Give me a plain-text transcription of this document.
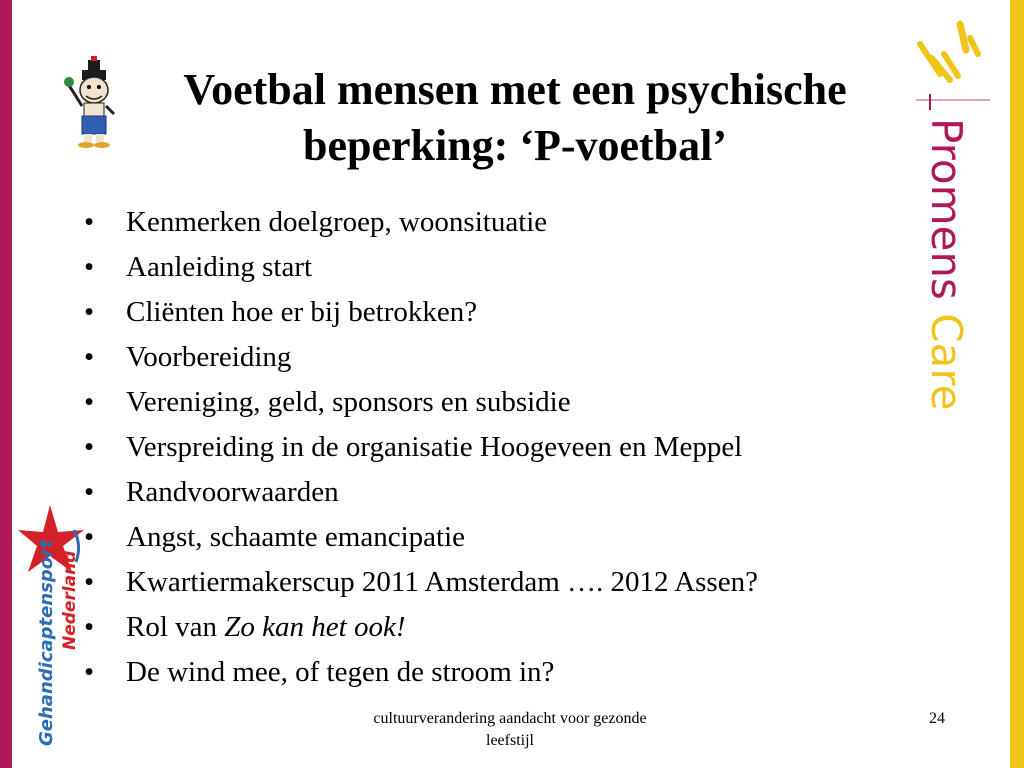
Voetbal mensen met een psychische beperking: ‘P-voetbal’
• Kenmerken doelgroep, woonsituatie
• Aanleiding start
• Cliënten hoe er bij betrokken?
• Voorbereiding
• Vereniging, geld, sponsors en subsidie
• Verspreiding in de organisatie Hoogeveen en Meppel
• Randvoorwaarden
• Angst, schaamte emancipatie
• Kwartiermakerscup 2011 Amsterdam …. 2012 Assen?
• Rol van Zo kan het ook!
• De wind mee, of tegen de stroom in?
cultuurverandering aandacht voor gezonde leefstijl
24
Promens Care
Gehandicaptensport Nederland
